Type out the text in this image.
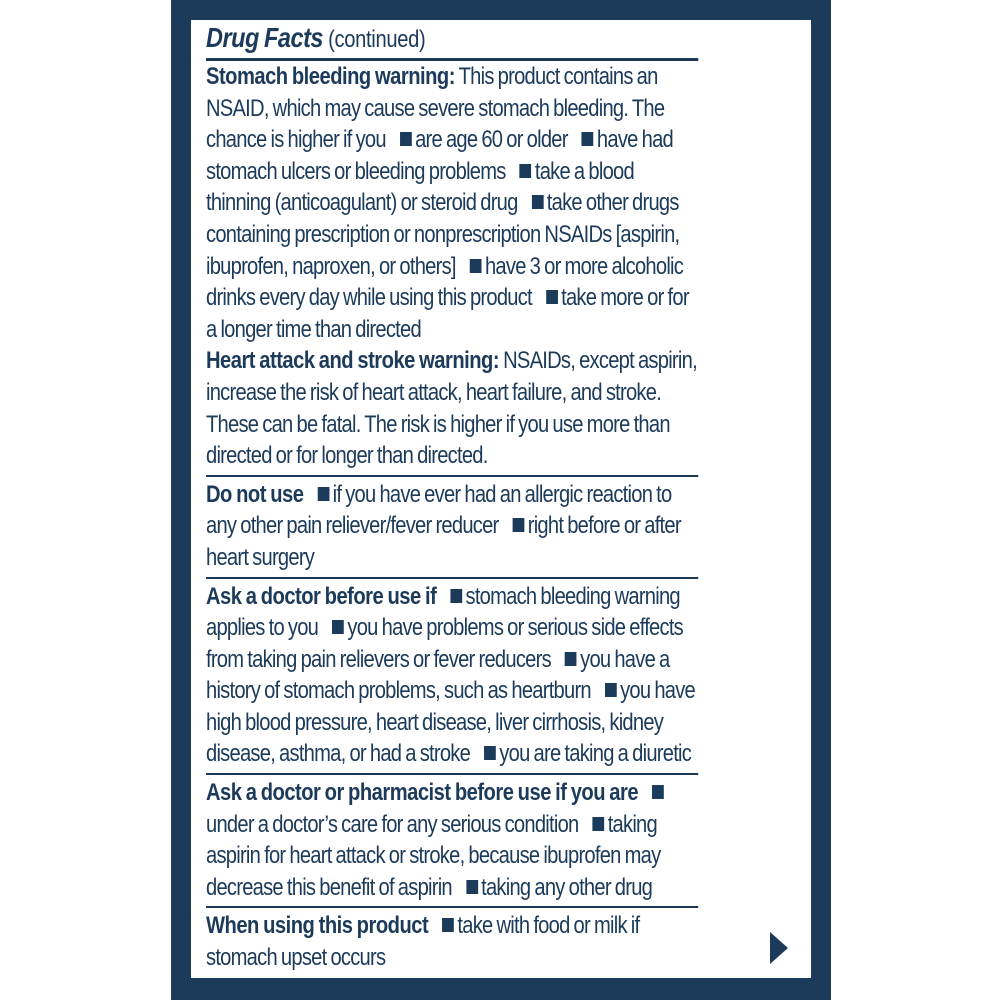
Drug Facts (continued)
Stomach bleeding warning: This product contains an NSAID, which may cause severe stomach bleeding. The chance is higher if you are age 60 or older have had stomach ulcers or bleeding problems take a blood thinning (anticoagulant) or steroid drug take other drugs containing prescription or nonprescription NSAIDs [aspirin, ibuprofen, naproxen, or others] have 3 or more alcoholic drinks every day while using this product take more or for a longer time than directed
Heart attack and stroke warning: NSAIDs, except aspirin, increase the risk of heart attack, heart failure, and stroke. These can be fatal. The risk is higher if you use more than directed or for longer than directed.
Do not use if you have ever had an allergic reaction to any other pain reliever/fever reducer right before or after heart surgery
Ask a doctor before use if stomach bleeding warning applies to you you have problems or serious side effects from taking pain relievers or fever reducers you have a history of stomach problems, such as heartburn you have high blood pressure, heart disease, liver cirrhosis, kidney disease, asthma, or had a stroke you are taking a diuretic
Ask a doctor or pharmacist before use if you are under a doctor’s care for any serious condition taking aspirin for heart attack or stroke, because ibuprofen may decrease this benefit of aspirin taking any other drug
When using this product take with food or milk if stomach upset occurs
